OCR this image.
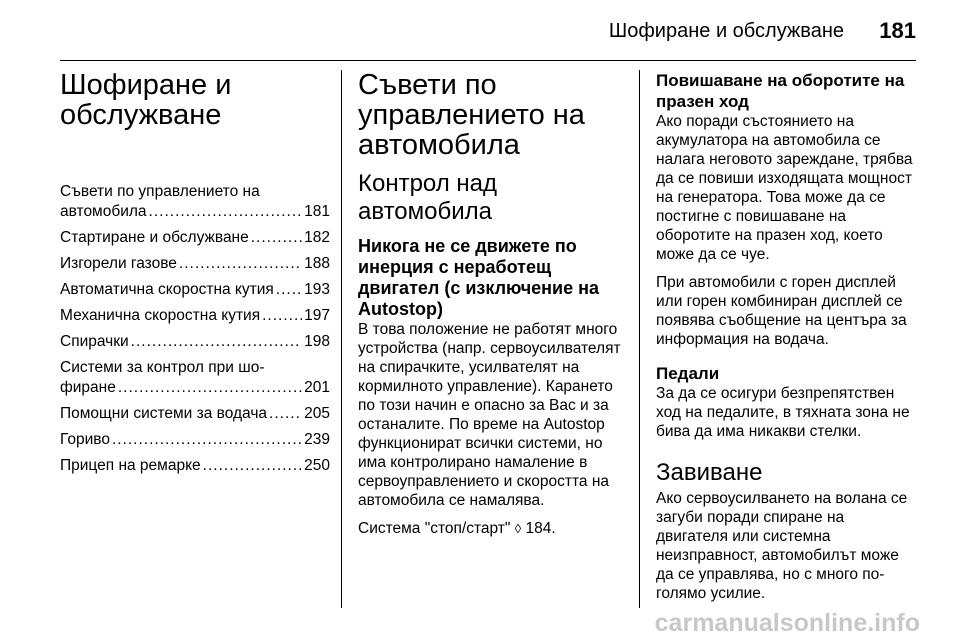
Шофиране и обслужване 181
Шофиране и обслужване
Съвети по управлението на
автомобила .....	181
Стартиране и обслужване .....	182
Изгорели газове .....	188
Автоматична скоростна кутия ..... 193
Механична скоростна кутия .....	197
Спирачки .....	198
Системи за контрол при шо-
фиране .....	201
Помощни системи за водача ..... 205
Гориво .....	239
Прицеп на ремарке .....	250
Съвети по управлението на автомобила
Контрол над автомобила
Никога не се движете по инерция с неработещ двигател (с изключение на Autostop)

В това положение не работят много устройства (напр. сервоусилвателят на спирачките, усилвателят на кормилното управление). Карането по този начин е опасно за Вас и за останалите. По време на Autostop функционират всички системи, но има контролирано намаление в сервоуправлението и скоростта на автомобила се намалява.

Система "стоп/старт" ◊ 184.

Повишаване на оборотите на празен ход

Ако поради състоянието на акумулатора на автомобила се налага неговото зареждане, трябва да се повиши изходящата мощност на генератора. Това може да се постигне с повишаване на оборотите на празен ход, което може да се чуе.

При автомобили с горен дисплей или горен комбиниран дисплей се появява съобщение на центъра за информация на водача.

Педали

За да се осигури безпрепятствен ход на педалите, в тяхната зона не бива да има никакви стелки.

Завиване

Ако сервоусилването на волана се загуби поради спиране на двигателя или системна неизправност, автомобилът може да се управлява, но с много по-голямо усилие.

carmanualsonline.info
